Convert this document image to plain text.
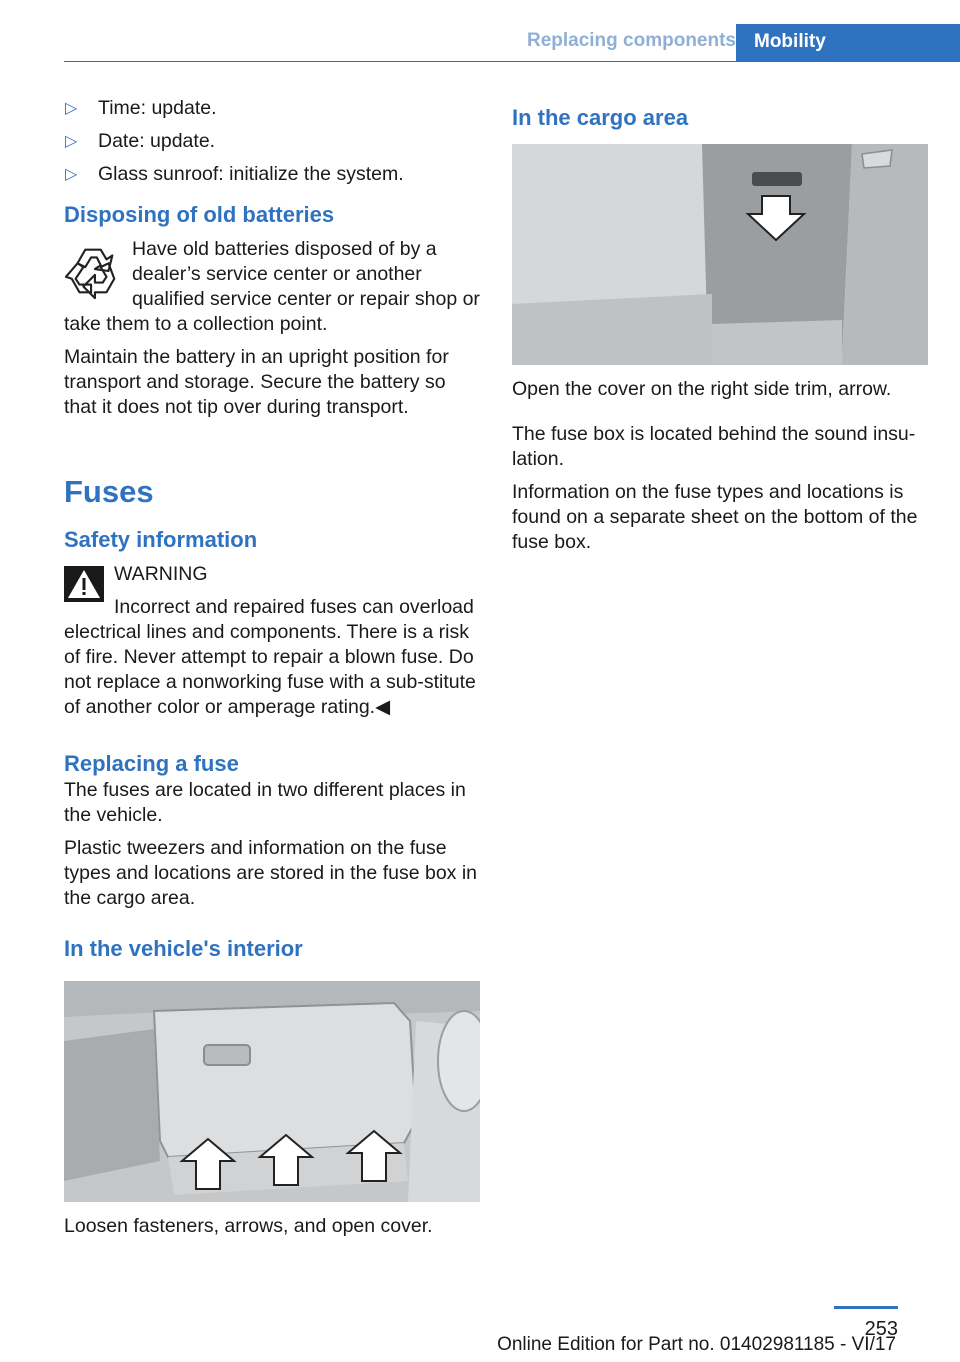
Replacing components Mobility
▷ Time: update.
▷ Date: update.
▷ Glass sunroof: initialize the system.
Disposing of old batteries

Have old batteries disposed of by a dealer’s service center or another qualified service center or repair shop or take them to a collection point.

Maintain the battery in an upright position for transport and storage. Secure the battery so that it does not tip over during transport.

Fuses
Safety information

WARNING

Incorrect and repaired fuses can overload electrical lines and components. There is a risk of fire. Never attempt to repair a blown fuse. Do not replace a nonworking fuse with a sub-stitute of another color or amperage rating.◀

Replacing a fuse

The fuses are located in two different places in the vehicle.

Plastic tweezers and information on the fuse types and locations are stored in the fuse box in the cargo area.

In the vehicle's interior

Loosen fasteners, arrows, and open cover.

In the cargo area

Open the cover on the right side trim, arrow.

The fuse box is located behind the sound insu-lation.

Information on the fuse types and locations is found on a separate sheet on the bottom of the fuse box.

253
Online Edition for Part no. 01402981185 - VI/17
